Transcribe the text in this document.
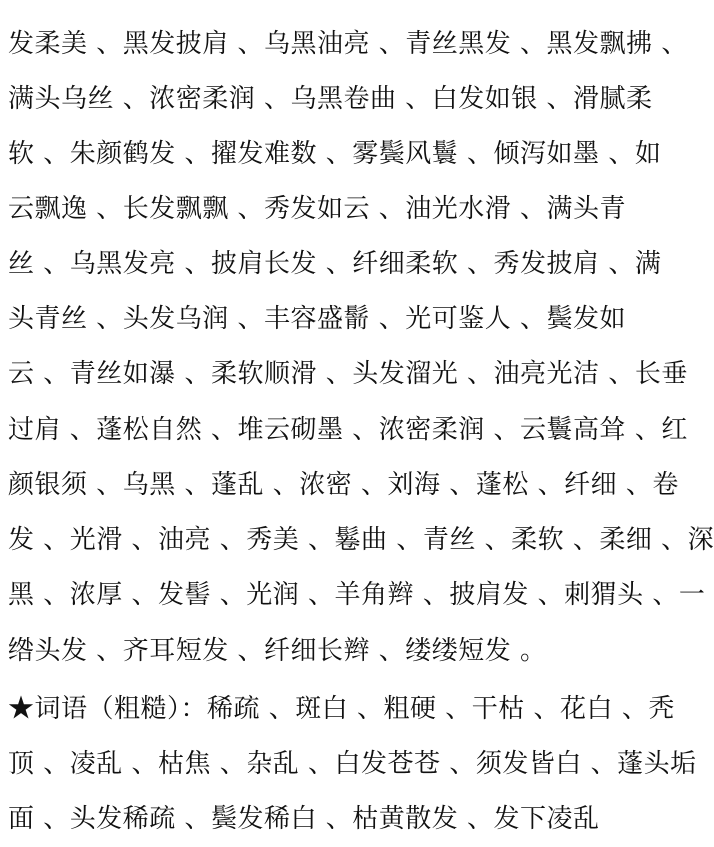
发柔美 、黑发披肩 、乌黑油亮 、青丝黑发 、黑发飘拂 、
满头乌丝 、浓密柔润 、乌黑卷曲 、白发如银 、滑腻柔
软 、朱颜鹤发 、擢发难数 、雾鬓风鬟 、倾泻如墨 、如
云飘逸 、长发飘飘 、秀发如云 、油光水滑 、满头青
丝 、乌黑发亮 、披肩长发 、纤细柔软 、秀发披肩 、满
头青丝 、头发乌润 、丰容盛鬋 、光可鉴人 、鬓发如
云 、青丝如瀑 、柔软顺滑 、头发溜光 、油亮光洁 、长垂
过肩 、蓬松自然 、堆云砌墨 、浓密柔润 、云鬟高耸 、红
颜银须 、乌黑 、蓬乱 、浓密 、刘海 、蓬松 、纤细 、卷
发 、光滑 、油亮 、秀美 、鬈曲 、青丝 、柔软 、柔细 、深
黑 、浓厚 、发髻 、光润 、羊角辫 、披肩发 、刺猬头 、一
绺头发 、齐耳短发 、纤细长辫 、缕缕短发 。
★词语（粗糙）：稀疏 、斑白 、粗硬 、干枯 、花白 、秃
顶 、凌乱 、枯焦 、杂乱 、白发苍苍 、须发皆白 、蓬头垢
面 、头发稀疏 、鬓发稀白 、枯黄散发 、发下凌乱
